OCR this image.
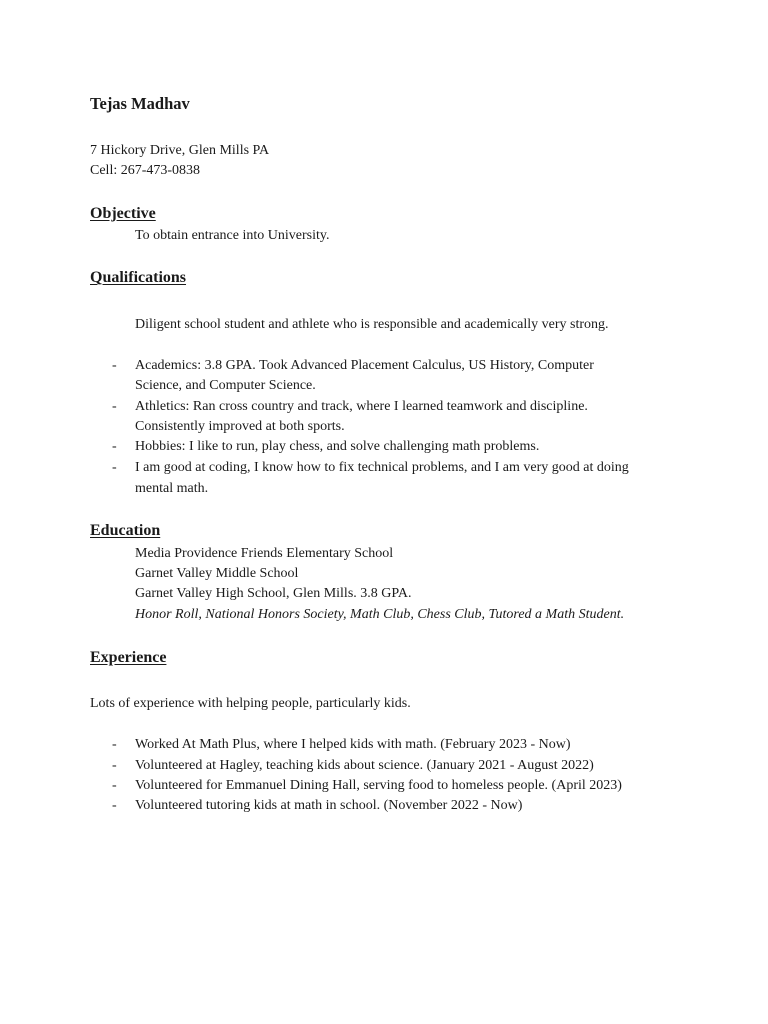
Tejas Madhav
7 Hickory Drive, Glen Mills PA
Cell: 267-473-0838
Objective
To obtain entrance into University.
Qualifications
Diligent school student and athlete who is responsible and academically very strong.
- Academics: 3.8 GPA. Took Advanced Placement Calculus, US History, Computer
Science, and Computer Science.
- Athletics: Ran cross country and track, where I learned teamwork and discipline.
Consistently improved at both sports.
- Hobbies: I like to run, play chess, and solve challenging math problems.
- I am good at coding, I know how to fix technical problems, and I am very good at doing
mental math.
Education
Media Providence Friends Elementary School
Garnet Valley Middle School
Garnet Valley High School, Glen Mills. 3.8 GPA.
Honor Roll, National Honors Society, Math Club, Chess Club, Tutored a Math Student.
Experience
Lots of experience with helping people, particularly kids.
- Worked At Math Plus, where I helped kids with math. (February 2023 - Now)
- Volunteered at Hagley, teaching kids about science. (January 2021 - August 2022)
- Volunteered for Emmanuel Dining Hall, serving food to homeless people. (April 2023)
- Volunteered tutoring kids at math in school. (November 2022 - Now)
